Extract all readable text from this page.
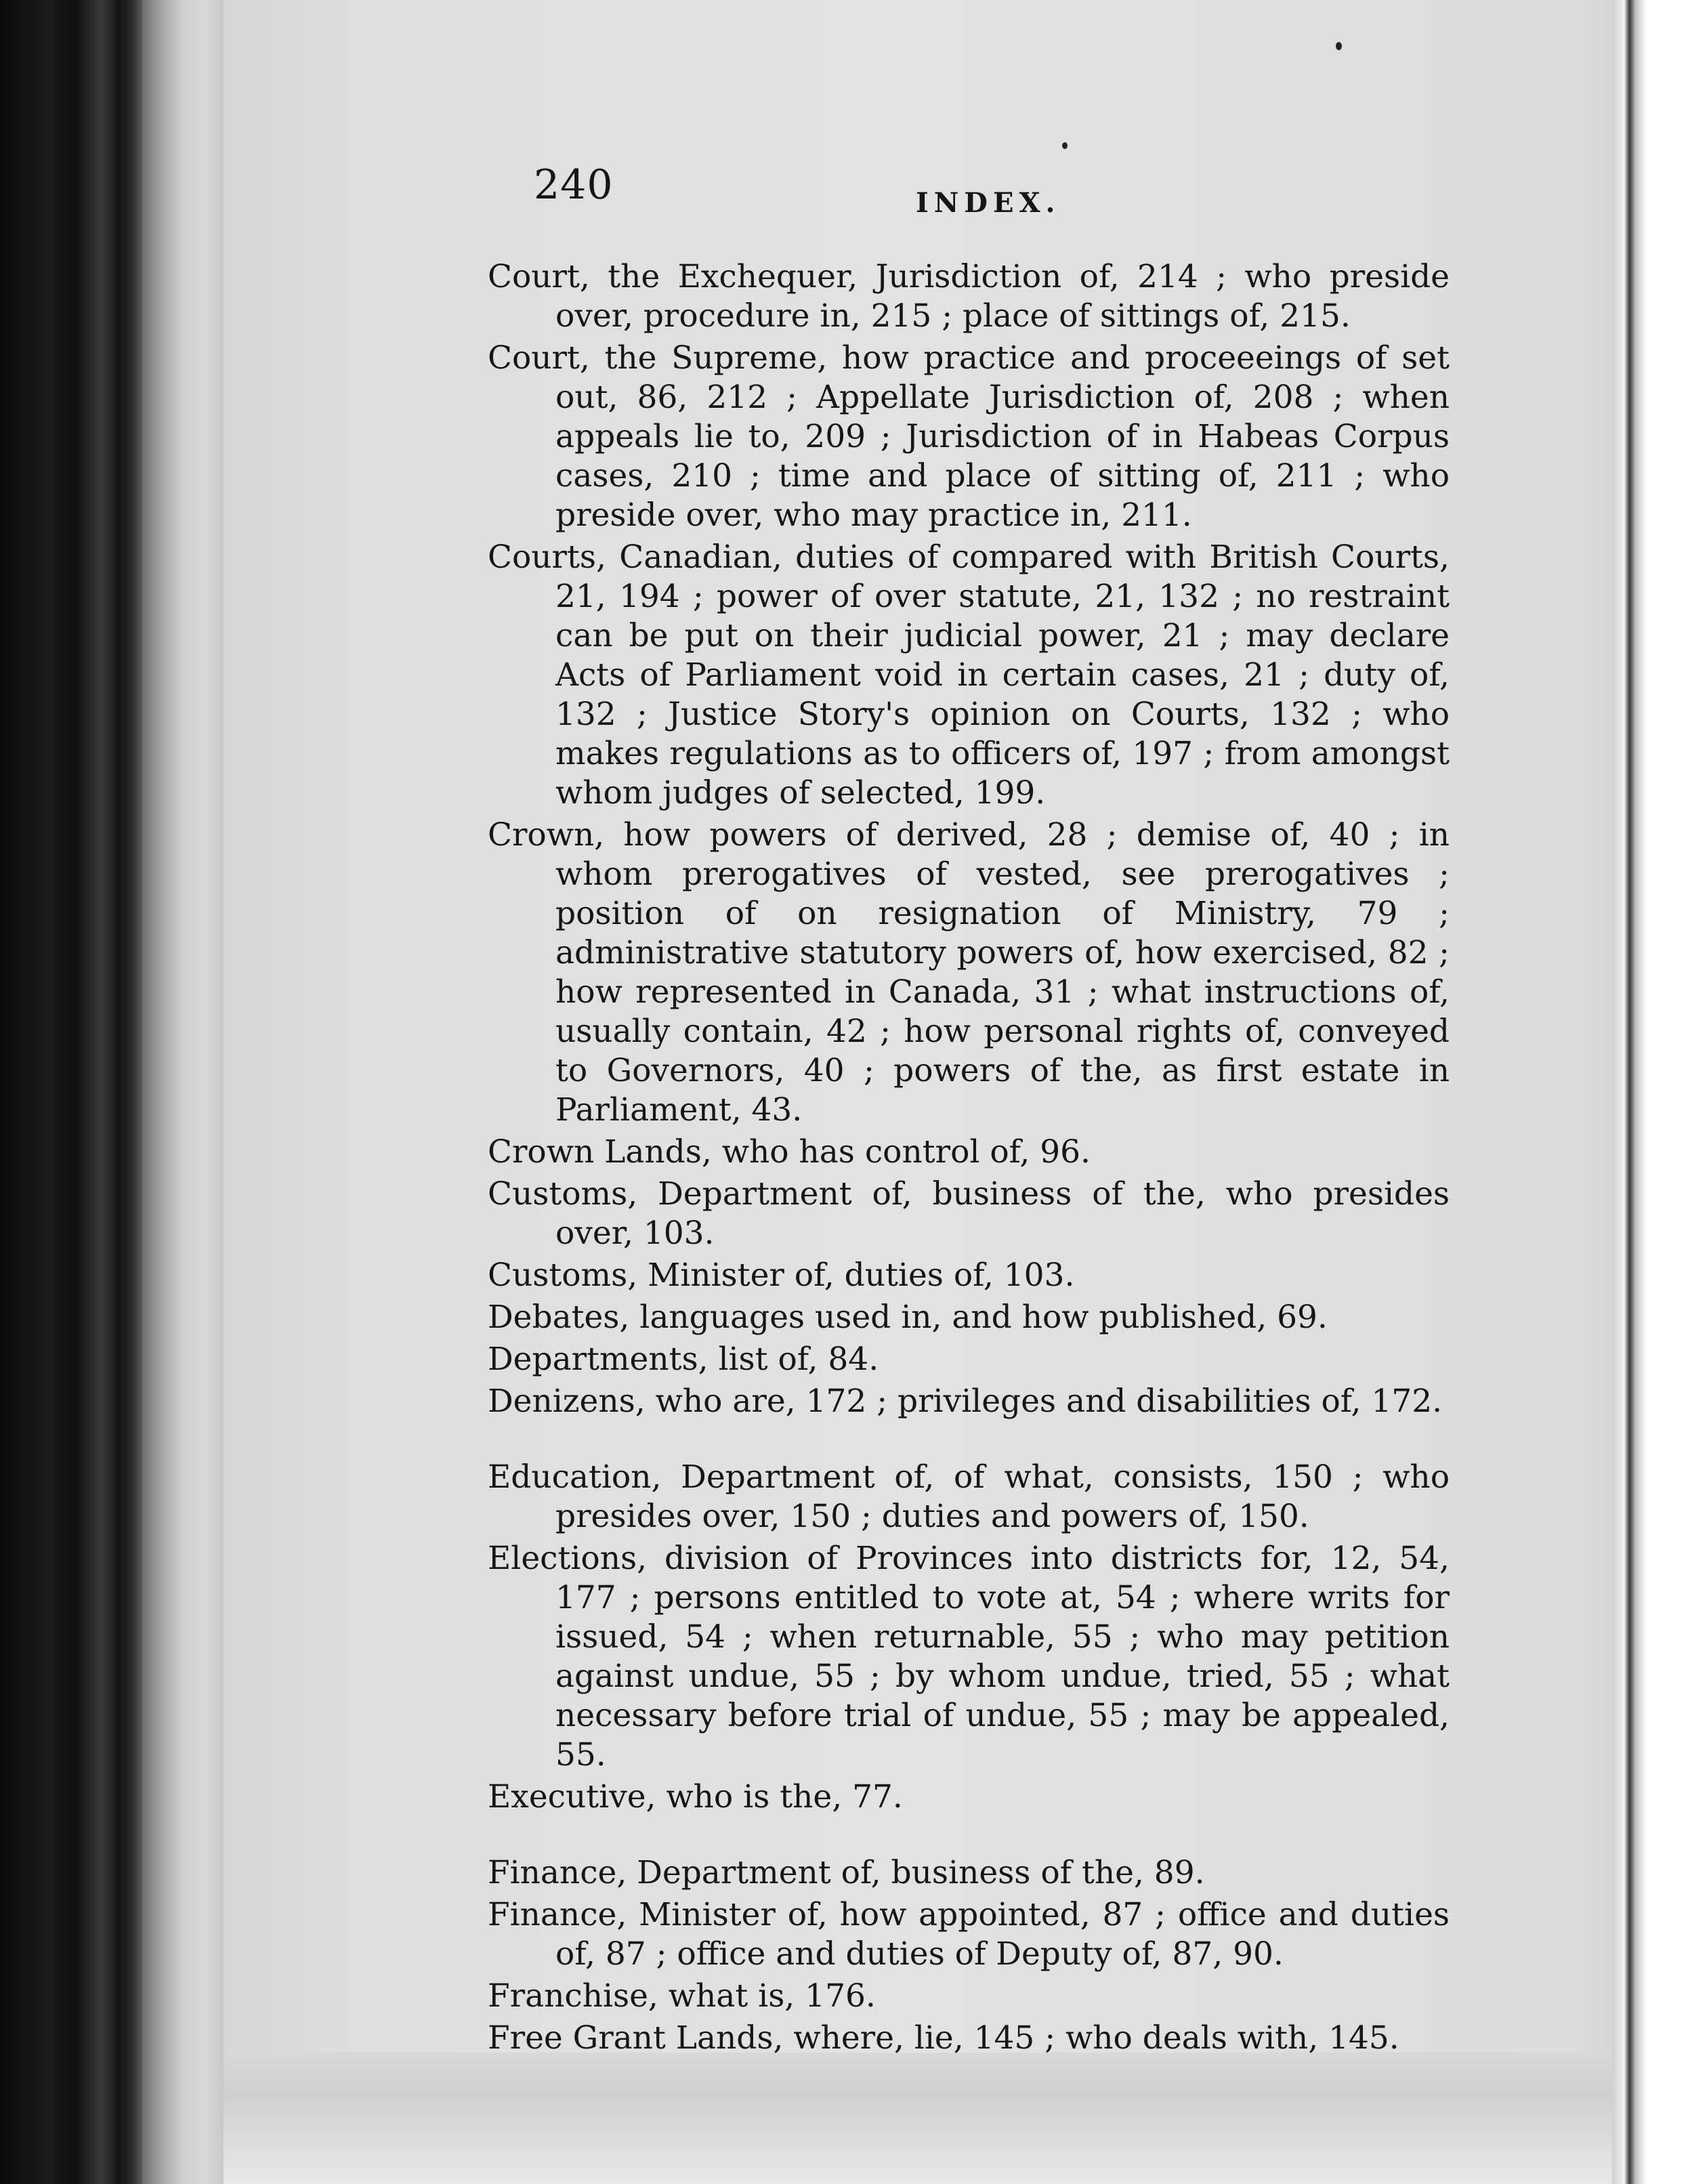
240	INDEX.

Court, the Exchequer, Jurisdiction of, 214 ; who preside over, procedure in, 215 ; place of sittings of, 215.

Court, the Supreme, how practice and proceeeings of set out, 86, 212 ; Appellate Jurisdiction of, 208 ; when appeals lie to, 209 ; Jurisdiction of in Habeas Corpus cases, 210 ; time and place of sitting of, 211 ; who preside over, who may practice in, 211.

Courts, Canadian, duties of compared with British Courts, 21, 194 ; power of over statute, 21, 132 ; no restraint can be put on their judicial power, 21 ; may declare Acts of Parliament void in certain cases, 21 ; duty of, 132 ; Justice Story's opinion on Courts, 132 ; who makes regulations as to officers of, 197 ; from amongst whom judges of selected, 199.

Crown, how powers of derived, 28 ; demise of, 40 ; in whom prerogatives of vested, see prerogatives ; position of on resignation of Ministry, 79 ; administrative statutory powers of, how exercised, 82 ; how represented in Canada, 31 ; what instructions of, usually contain, 42 ; how personal rights of, conveyed to Governors, 40 ; powers of the, as first estate in Parliament, 43.

Crown Lands, who has control of, 96.

Customs, Department of, business of the, who presides over, 103.

Customs, Minister of, duties of, 103.

Debates, languages used in, and how published, 69.

Departments, list of, 84.

Denizens, who are, 172 ; privileges and disabilities of, 172.

Education, Department of, of what, consists, 150 ; who presides over, 150 ; duties and powers of, 150.

Elections, division of Provinces into districts for, 12, 54, 177 ; persons entitled to vote at, 54 ; where writs for issued, 54 ; when returnable, 55 ; who may petition against undue, 55 ; by whom undue, tried, 55 ; what necessary before trial of undue, 55 ; may be appealed, 55.

Executive, who is the, 77.

Finance, Department of, business of the, 89.

Finance, Minister of, how appointed, 87 ; office and duties of, 87 ; office and duties of Deputy of, 87, 90.

Franchise, what is, 176.

Free Grant Lands, where, lie, 145 ; who deals with, 145.
